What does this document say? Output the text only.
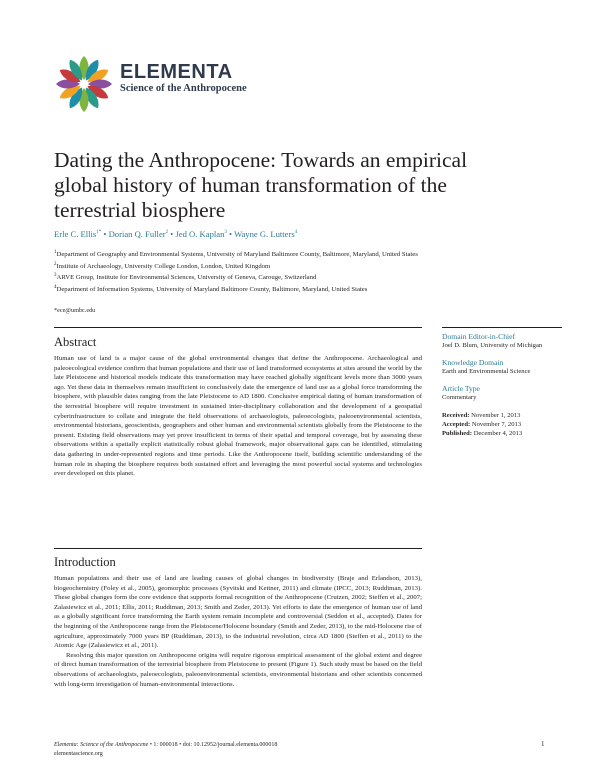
ELEMENTA
Science of the Anthropocene
Dating the Anthropocene: Towards an empirical global history of human transformation of the terrestrial biosphere
Erle C. Ellis$^{1*}$ • Dorian Q. Fuller$^2$ • Jed O. Kaplan$^3$ • Wayne G. Lutters$^4$
$^1$Department of Geography and Environmental Systems, University of Maryland Baltimore County, Baltimore, Maryland, United States
$^2$Institute of Archaeology, University College London, London, United Kingdom
$^3$ARVE Group, Institute for Environmental Sciences, University of Geneva, Carouge, Switzerland
$^4$Department of Information Systems, University of Maryland Baltimore County, Baltimore, Maryland, United States
*ece@umbc.edu
Abstract

Human use of land is a major cause of the global environmental changes that define the Anthropocene. Archaeological and paleoecological evidence confirm that human populations and their use of land transformed ecosystems at sites around the world by the late Pleistocene and historical models indicate this transformation may have reached globally significant levels more than 3000 years ago. Yet these data in themselves remain insufficient to conclusively date the emergence of land use as a global force transforming the biosphere, with plausible dates ranging from the late Pleistocene to AD 1800. Conclusive empirical dating of human transformation of the terrestrial biosphere will require investment in sustained inter-disciplinary collaboration and the development of a geospatial cyberinfrastructure to collate and integrate the field observations of archaeologists, paleoecologists, paleoenvironmental scientists, environmental historians, geoscientists, geographers and other human and environmental scientists globally from the Pleistocene to the present. Existing field observations may yet prove insufficient in terms of their spatial and temporal coverage, but by assessing these observations within a spatially explicit statistically robust global framework, major observational gaps can be identified, stimulating data gathering in under-represented regions and time periods. Like the Anthropocene itself, building scientific understanding of the human role in shaping the biosphere requires both sustained effort and leveraging the most powerful social systems and technologies ever developed on this planet.

Domain Editor-in-Chief
Joel D. Blum, University of Michigan
Knowledge Domain
Earth and Environmental Science
Article Type
Commentary
Received: November 1, 2013
Accepted: November 7, 2013
Published: December 4, 2013
Introduction

Human populations and their use of land are leading causes of global changes in biodiversity (Braje and Erlandson, 2013), biogeochemistry (Foley et al., 2005), geomorphic processes (Syvitski and Kettner, 2011) and climate (IPCC, 2013; Ruddiman, 2013). These global changes form the core evidence that supports formal recognition of the Anthropocene (Crutzen, 2002; Steffen et al., 2007; Zalasiewicz et al., 2011; Ellis, 2011; Ruddiman, 2013; Smith and Zeder, 2013). Yet efforts to date the emergence of human use of land as a globally significant force transforming the Earth system remain incomplete and controversial (Seddon et al., accepted). Dates for the beginning of the Anthropocene range from the Pleistocene/Holocene boundary (Smith and Zeder, 2013), to the mid-Holocene rise of agriculture, approximately 7000 years BP (Ruddiman, 2013), to the industrial revolution, circa AD 1800 (Steffen et al., 2011) to the Atomic Age (Zalasiewicz et al., 2011).

Resolving this major question on Anthropocene origins will require rigorous empirical assessment of the global extent and degree of direct human transformation of the terrestrial biosphere from Pleistocene to present (Figure 1). Such study must be based on the field observations of archaeologists, paleoecologists, paleoenvironmental scientists, environmental historians and other scientists concerned with long-term investigation of human-environmental interactions.

Elementa: Science of the Anthropocene • 1: 000018 • doi: 10.12952/journal.elementa.000018
elementascience.org
1
